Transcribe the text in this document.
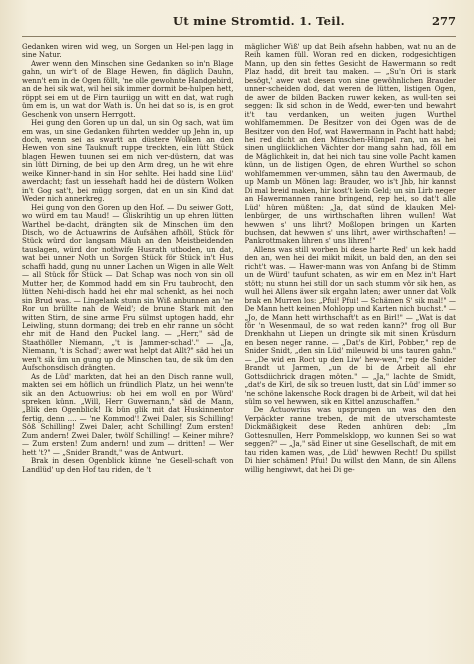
Ut mine Stromtid. 1. Teil.	277

Gedanken wiren wid weg, un Sorgen un Hel-pen lagg in sine Natur.

Awer wenn den Minschen sine Gedanken so in'n Blage gahn, un wir't of de Blage Hewen, fin däglich Dauhn, wenn't em in de Ogen föllt, 'ne olle gewohnte Handgebird, an de hei sik wat, wil hei sik immer dormit be-hulpen hett, röppt sei em ut de Firn tauriigg un witt en dat, wat rugh üm em is, un wat dor Wath is. Un hei dat so is, is en grot Geschenk von unsern Herrgott.

Hei gung den Goren up un dal, un sin Og sach, wat üm em was, un sine Gedanken führten wedder up Jehn in, up doch, wenn sei as swartt an düstere Wolken an den Hewen von sine Tauknuft ruppe treckten, ein lütt Stück blagen Hewen tuunen sei em nich ver-düstern, dat was sin lütt Dirning, de bei up den Arm dreg, un he wit ehre weike Kinner-hand in sin Hor sehlte. Hei hadd sine Lüd' awerdacht; fast un iessehaft hadd hei de düstern Wolken in't Gog sat't, bei mügg sorgen, dat en un sin Kind dat Weder nich annerkreg.

Hei gung von den Goren up den Hof. — Du seiwer Gott, wo würd em tau Maud! — Gliskrihtig un up ehren lütten Warthel be-dacht, drängten sik de Minschen üm den Disch, wo de Actuawrins de Aufsähen afhöll, Stück för Stück würd dor langsam Mäuh an den Meistbeidenden tauslagen, würd dor nothwife Husrath utboden, un dat, wat bei unner Noth un Sorgen Stück för Stück in't Hus schaffi hadd, gung nu unner Lachen un Wigen in alle Welt — all Stück för Stück — Dat Schap was noch von sin oll Mutter her, de Kommod hadd em sin Fru taubrocht, den lütten Nehi-disch hadd hei ehr mal schenkt, as hei noch sin Brud was. — Lingelank stunn sin Wiß anbunnen an 'ne Ror un brüllte nah de Weid'; de brune Stark mit den witten Stirn, de sine arme Fru sülmst uptogen hadd, ehr Leiwling, stunn dormang; dei treb en ehr ranne un söcht ehr mit de Hand den Puckel lang. — „Herr," säd de Staathöller Niemann, „'t is Jammer-schad'." — „Ja, Niemann, 't is Schad'; awer wat helpt dat Allt?" säd hei un wen't sik üm un gung up de Minschen tau, de sik üm den Aufschonsdisch drängten.

As de Lüd' markten, dat hei an den Disch ranne wull, makten sei em höflich un fründlich Platz, un hei wenn'te sik an den Actuowrius: ob hei em woll en por Würd' spreken künn. „Will, Herr Guwernann," säd de Mann, „Blik den Ogenblick! Ik bün glik mit dat Huskinnentor fertig, denn .... — 'ne Kommod'! Zwei Daler, sis Schilling! Söß Schilling! Zwei Daler, acht Schilling! Zum ersten! Zum andern! Zwei Daler, twölf Schilling! — Keiner mihre? — Zum ersten! Zum andern! und zum — dritten! — Wer hett 't?" — „Snider Brandt," was de Antwurt.

Brak in desen Ogenblick künne 'ne Gesell-schaft von Landlüd' up den Hof tau riden, de 't

mäglicher Wiß' up dat Beih afsehn habben, wat nu an de Reih kamen füll. Woran red en dicken, rodgesichtigen Mann, up den sin fettes Gesicht de Hawermann so redt Plaz hadd, dit breit tau maken. — „Su'n Ori is stark besögt,' awer wat desen von sine gewöhnlichen Brauder unner-scheiden dod, dat weren de lütten, listigen Ogen, de awer de bilden Backen ruwer keken, as wull-ten sei seggen: Ik sid schon in de Wedd, ewer-ten und bewahrt it't tau verdanken, un weiten jugen Wurthel wohlfamemmen. De Besitzer von dei Ogen was de de Besitzer von den Hof, wat Hawermann in Pacht hatt habd; hei red dicht an den Minschen-Hümpel ran, un as hei sinen ungliicklichen Vächter dor mang sahn had, föll em de Mäglichkeit in, dat hei nich tau sine volle Pacht kamen künn, un de listigen Ogen, de ehren Wurthel so schon wohlfamemmen ver-ummen, sähn tau den Awermaub, de up Mamb un Mönen lag: Brauder, wo is't Jhb, hir kannst Di mal breid maken, hir kost't kein Geld; un sin Lirb neger an Hawermannen ranne bringend, rep hei, so dat't alle Lüd' hüren müßten: „Ja, dat sünd de klauken Mel-lenbürger, de uns wirthschaften lihren wullen! Wat hewwen s' uns lihrt? Moßlopen bringen un Karten buchsen, dat hewwen s' uns lihrt, awer wirthschaften! — Pankrottmaken lihren s' uns lihren!"

Allens was still worben bi dese harte Red' un kek hadd den an, wen hei dei mikit mikit, un bald den, an den sei richt't was. — Hawer-mann was von Anfang bi de Stimm un de Würd' taufunt schaten, as wir em en Mez in't Hart stött; nu stunn hei still dor un sach stumm vör sik hen, as wull hei Allens äwer sik ergahn laten; awer unner dat Volk brak en Murren los: „Pfui! Pfui! — Schämen S' sik mal!" — De Mann hett keinen Mohlopp und Karten nich buchst." — „Jo, de Mann hett wirthschaft't as en Birl!" — „Wat is dat för 'n Wesenmaul, de so wat reden kann?" frog oll Bur Drenkhahn ut Liepen un dringte sik mit sinen Krüsdurn en besen neger ranne. — „Dat's de Kirl, Pobber," rep de Snider Snidt, „den sin Lüd' mileuwid bi uns tauren gahn." — „De wid en Roct up den Liw' hew-wen," rep de Snider Brandt ut Jarmen, „un de bi de Arbeit all ehr Gottsdiichrick dragen möten." — „Ja," lachte de Smidt, „dat's de Kirl, de sik so treuen lustt, dat sin Lüd' immer so 'ne schöne lakensche Rock dragen bi de Arbeit, wil dat hei sülm so vel hewwen, sik en Kittel anzuschaffen."

De Actuowrius was upsprungen un was den den Verpäckter ranne treben, de mit de utverschamteste Dickmäßigkeit dese Reden anhüren deb: „Im Gottesnullen, Herr Pommelsklopp, wo kunnen Sei so wat seggen?" — „Ja," säd Einer ut sine Gesellschaft, de mit em tau riden kamen was, „de Lüd' hewwen Recht! Du spillst Di hier schämen! Pfui! Du willst den Mann, de sin Allens willig hengiwwt, dat hei Di ge-
